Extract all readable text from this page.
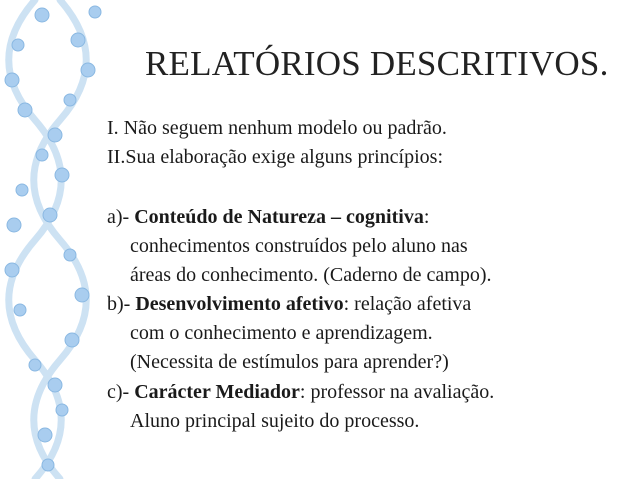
RELATÓRIOS DESCRITIVOS.
I. Não seguem nenhum modelo ou padrão.
II.Sua elaboração exige alguns princípios:
a)- Conteúdo de Natureza – cognitiva:
conhecimentos construídos pelo aluno nas
áreas do conhecimento. (Caderno de campo).
b)- Desenvolvimento afetivo: relação afetiva
com o conhecimento e aprendizagem.
(Necessita de estímulos para aprender?)
c)- Carácter Mediador: professor na avaliação.
Aluno principal sujeito do processo.
